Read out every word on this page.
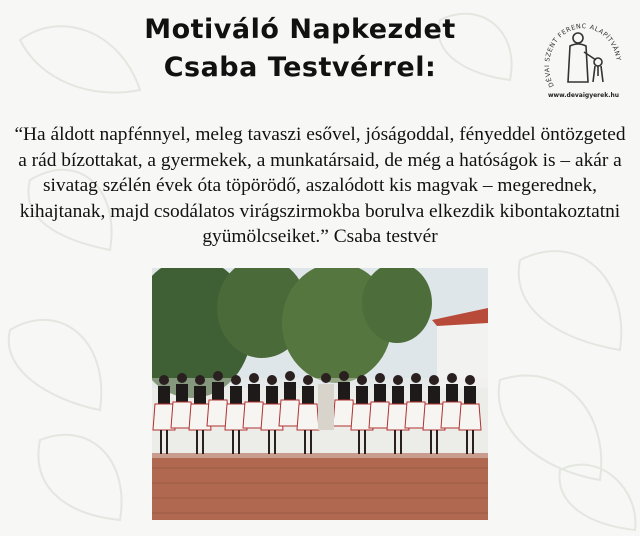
Motiváló Napkezdet
Csaba Testvérrel:
DÉVAI SZENT FERENC ALAPÍTVÁNY
www.devaigyerek.hu
“Ha áldott napfénnyel, meleg tavaszi esővel, jóságoddal, fényeddel öntözgeted a rád bízottakat, a gyermekek, a munkatársaid, de még a hatóságok is – akár a sivatag szélén évek óta töpörödő, aszalódott kis magvak – megerednek, kihajtanak, majd csodálatos virágszirmokba borulva elkezdik kibontakoztatni gyümölcseiket.” Csaba testvér
